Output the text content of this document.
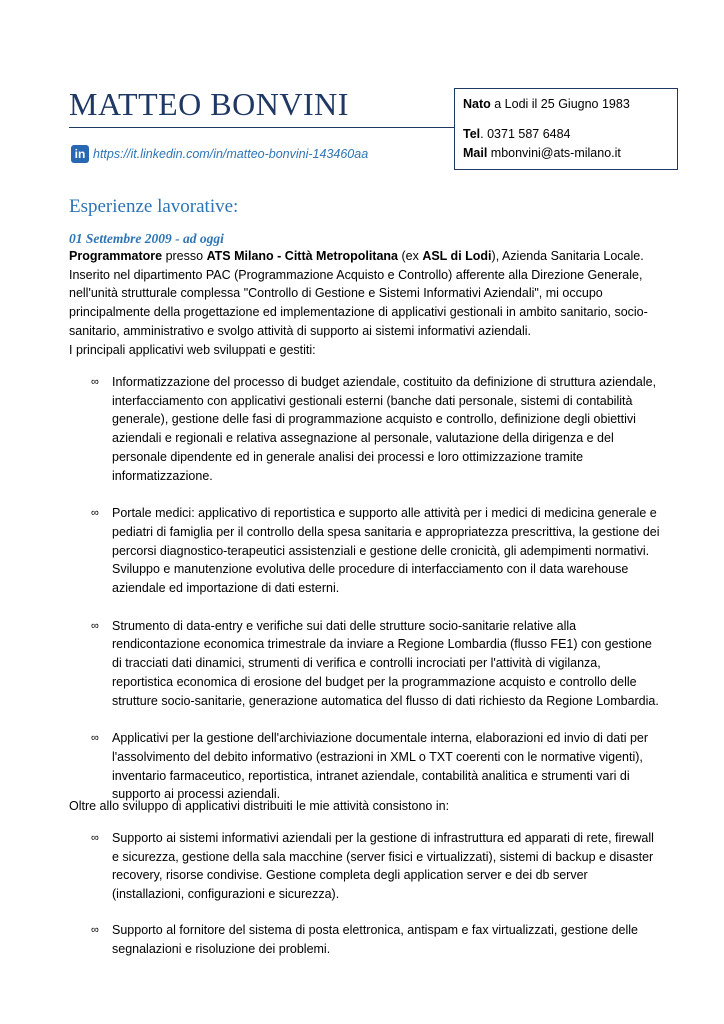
MATTEO BONVINI	Nato a Lodi il 25 Giugno 1983
Tel. 0371 587 6484
Mail mbonvini@ats-milano.it
in https://it.linkedin.com/in/matteo-bonvini-143460aa
Esperienze lavorative:
01 Settembre 2009 - ad oggi
Programmatore presso ATS Milano - Città Metropolitana (ex ASL di Lodi), Azienda Sanitaria Locale.
Inserito nel dipartimento PAC (Programmazione Acquisto e Controllo) afferente alla Direzione Generale, nell'unità strutturale complessa "Controllo di Gestione e Sistemi Informativi Aziendali", mi occupo principalmente della progettazione ed implementazione di applicativi gestionali in ambito sanitario, socio-sanitario, amministrativo e svolgo attività di supporto ai sistemi informativi aziendali.
I principali applicativi web sviluppati e gestiti:
∞ Informatizzazione del processo di budget aziendale, costituito da definizione di struttura aziendale, interfacciamento con applicativi gestionali esterni (banche dati personale, sistemi di contabilità generale), gestione delle fasi di programmazione acquisto e controllo, definizione degli obiettivi aziendali e regionali e relativa assegnazione al personale, valutazione della dirigenza e del personale dipendente ed in generale analisi dei processi e loro ottimizzazione tramite informatizzazione.
∞ Portale medici: applicativo di reportistica e supporto alle attività per i medici di medicina generale e pediatri di famiglia per il controllo della spesa sanitaria e appropriatezza prescrittiva, la gestione dei percorsi diagnostico-terapeutici assistenziali e gestione delle cronicità, gli adempimenti normativi. Sviluppo e manutenzione evolutiva delle procedure di interfacciamento con il data warehouse aziendale ed importazione di dati esterni.
∞ Strumento di data-entry e verifiche sui dati delle strutture socio-sanitarie relative alla rendicontazione economica trimestrale da inviare a Regione Lombardia (flusso FE1) con gestione di tracciati dati dinamici, strumenti di verifica e controlli incrociati per l'attività di vigilanza, reportistica economica di erosione del budget per la programmazione acquisto e controllo delle strutture socio-sanitarie, generazione automatica del flusso di dati richiesto da Regione Lombardia.
∞ Applicativi per la gestione dell'archiviazione documentale interna, elaborazioni ed invio di dati per l'assolvimento del debito informativo (estrazioni in XML o TXT coerenti con le normative vigenti), inventario farmaceutico, reportistica, intranet aziendale, contabilità analitica e strumenti vari di supporto ai processi aziendali.
Oltre allo sviluppo di applicativi distribuiti le mie attività consistono in:
∞ Supporto ai sistemi informativi aziendali per la gestione di infrastruttura ed apparati di rete, firewall e sicurezza, gestione della sala macchine (server fisici e virtualizzati), sistemi di backup e disaster recovery, risorse condivise. Gestione completa degli application server e dei db server (installazioni, configurazioni e sicurezza).
∞ Supporto al fornitore del sistema di posta elettronica, antispam e fax virtualizzati, gestione delle segnalazioni e risoluzione dei problemi.
